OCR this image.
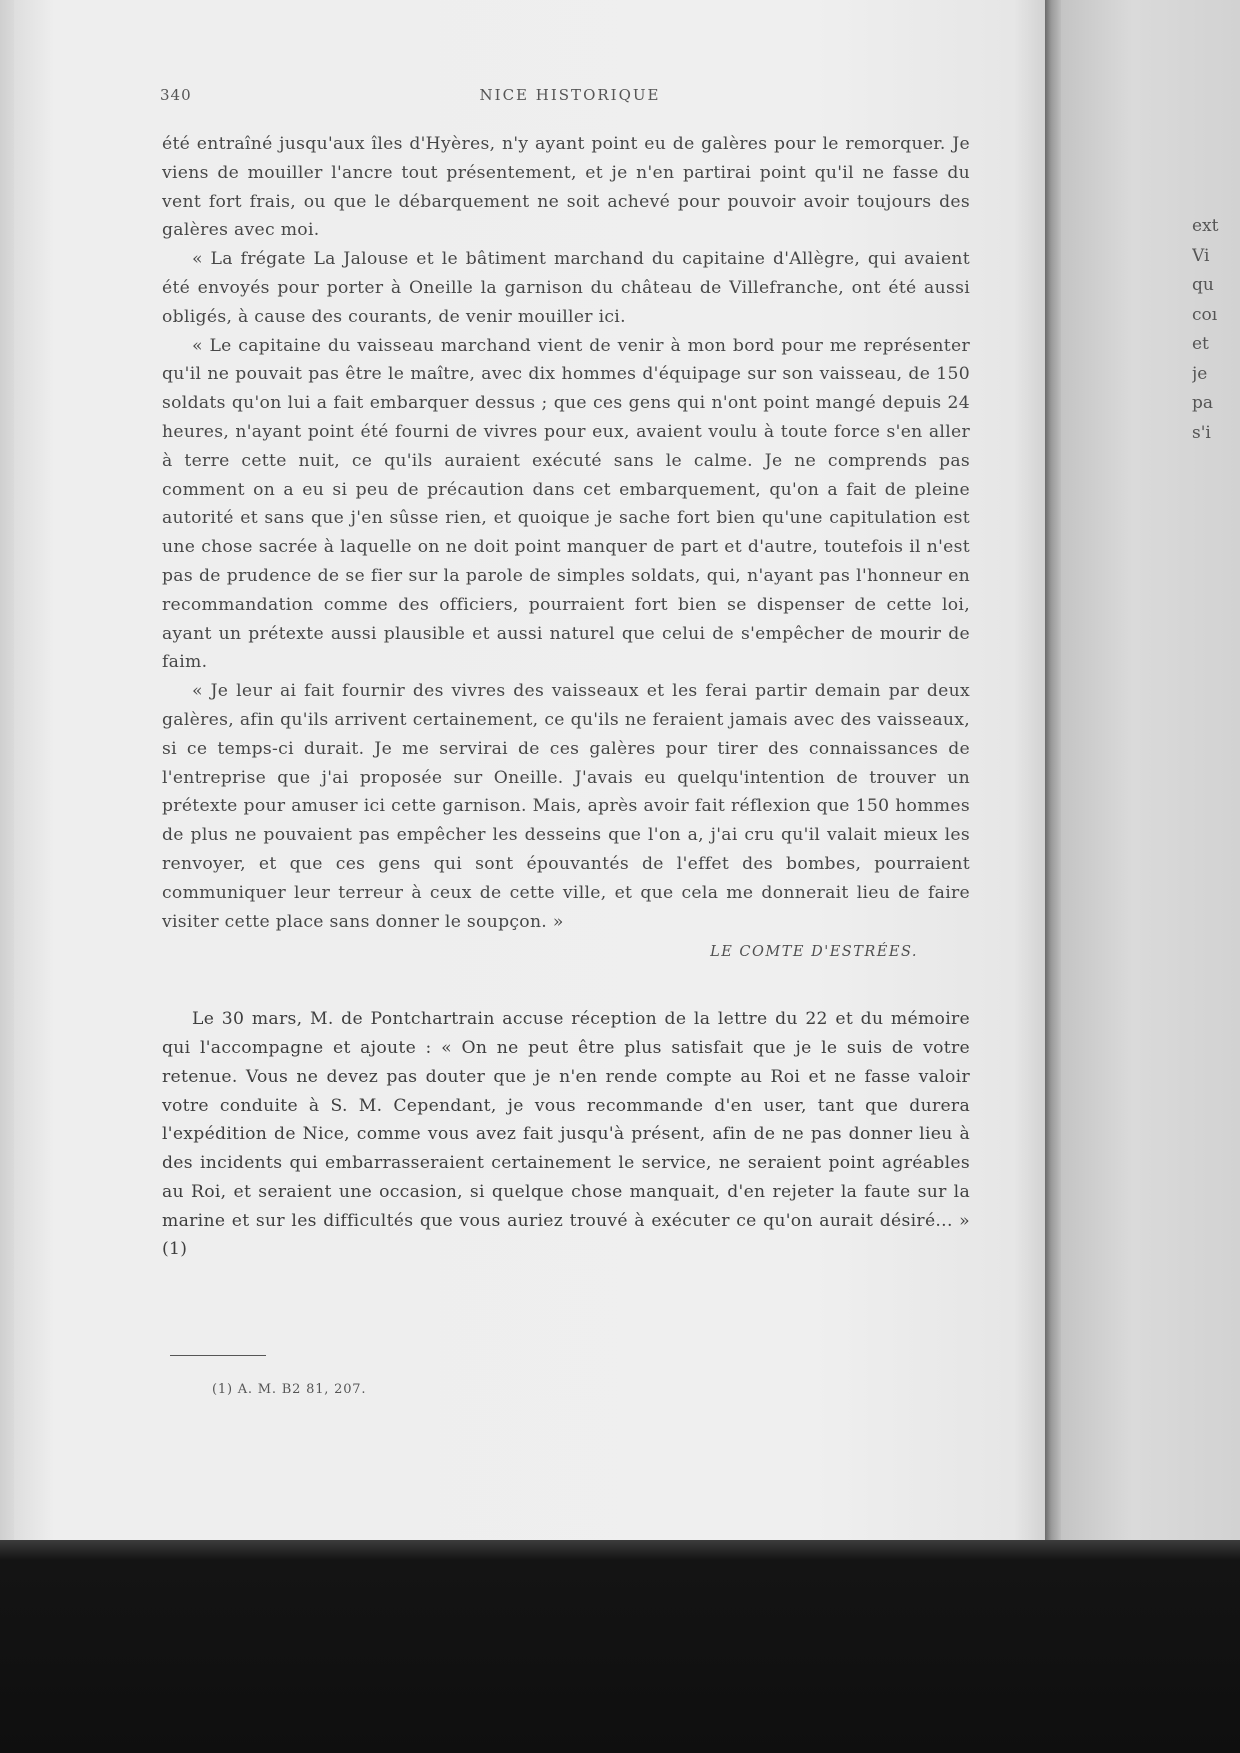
340	NICE HISTORIQUE

été entraîné jusqu'aux îles d'Hyères, n'y ayant point eu de galères pour le remorquer. Je viens de mouiller l'ancre tout présentement, et je n'en partirai point qu'il ne fasse du vent fort frais, ou que le débarquement ne soit achevé pour pouvoir avoir toujours des galères avec moi.

« La frégate La Jalouse et le bâtiment marchand du capitaine d'Allègre, qui avaient été envoyés pour porter à Oneille la garnison du château de Villefranche, ont été aussi obligés, à cause des courants, de venir mouiller ici.

« Le capitaine du vaisseau marchand vient de venir à mon bord pour me représenter qu'il ne pouvait pas être le maître, avec dix hommes d'équipage sur son vaisseau, de 150 soldats qu'on lui a fait embarquer dessus ; que ces gens qui n'ont point mangé depuis 24 heures, n'ayant point été fourni de vivres pour eux, avaient voulu à toute force s'en aller à terre cette nuit, ce qu'ils auraient exécuté sans le calme. Je ne comprends pas comment on a eu si peu de précaution dans cet embarquement, qu'on a fait de pleine autorité et sans que j'en sûsse rien, et quoique je sache fort bien qu'une capitulation est une chose sacrée à laquelle on ne doit point manquer de part et d'autre, toutefois il n'est pas de prudence de se fier sur la parole de simples soldats, qui, n'ayant pas l'honneur en recommandation comme des officiers, pourraient fort bien se dispenser de cette loi, ayant un prétexte aussi plausible et aussi naturel que celui de s'empêcher de mourir de faim.

« Je leur ai fait fournir des vivres des vaisseaux et les ferai partir demain par deux galères, afin qu'ils arrivent certainement, ce qu'ils ne feraient jamais avec des vaisseaux, si ce temps-ci durait. Je me servirai de ces galères pour tirer des connaissances de l'entreprise que j'ai proposée sur Oneille. J'avais eu quelqu'intention de trouver un prétexte pour amuser ici cette garnison. Mais, après avoir fait réflexion que 150 hommes de plus ne pouvaient pas empêcher les desseins que l'on a, j'ai cru qu'il valait mieux les renvoyer, et que ces gens qui sont épouvantés de l'effet des bombes, pourraient communiquer leur terreur à ceux de cette ville, et que cela me donnerait lieu de faire visiter cette place sans donner le soupçon. »

LE COMTE D'ESTRÉES.

Le 30 mars, M. de Pontchartrain accuse réception de la lettre du 22 et du mémoire qui l'accompagne et ajoute : « On ne peut être plus satisfait que je le suis de votre retenue. Vous ne devez pas douter que je n'en rende compte au Roi et ne fasse valoir votre conduite à S. M. Cependant, je vous recommande d'en user, tant que durera l'expédition de Nice, comme vous avez fait jusqu'à présent, afin de ne pas donner lieu à des incidents qui embarrasseraient certainement le service, ne seraient point agréables au Roi, et seraient une occasion, si quelque chose manquait, d'en rejeter la faute sur la marine et sur les difficultés que vous auriez trouvé à exécuter ce qu'on aurait désiré... » (1)

(1) A. M. B2 81, 207.
ext
Vi
qu
coı
et
je
pa
s'i
